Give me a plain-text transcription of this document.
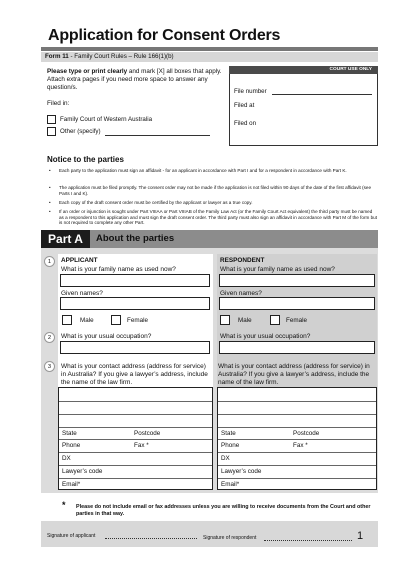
Application for Consent Orders
Form 11 - Family Court Rules – Rule 166(1)(b)
Please type or print clearly and mark [X] all boxes that apply. Attach extra pages if you need more space to answer any question/s.
Filed in:
Family Court of Western Australia
Other (specify)
COURT USE ONLY
File number
Filed at
Filed on
Notice to the parties
• Each party to the application must sign an affidavit - for an applicant in accordance with Part I and for a respondent in accordance with Part K.
• The application must be filed promptly. The consent order may not be made if the application is not filed within 90 days of the date of the first affidavit (see Parts I and K).
• Each copy of the draft consent order must be certified by the applicant or lawyer as a true copy.
• If an order or injunction is sought under Part VIIIAA or Part VIIIAB of the Family Law Act (or the Family Court Act equivalent) the third party must be named as a respondent to this application and must sign the draft consent order. The third party must also sign an affidavit in accordance with Part M of the form but is not required to complete any other Part.
Part A	About the parties
1
2
3
APPLICANT
What is your family name as used now?
Given names?
Male	Female
What is your usual occupation?
What is your contact address (address for service) in Australia? If you give a lawyer’s address, include the name of the law firm.
State	Postcode
Phone	Fax *
DX
Lawyer’s code
Email*
RESPONDENT
What is your family name as used now?
Given names?
Male	Female
What is your usual occupation?
What is your contact address (address for service) in Australia? If you give a lawyer’s address, include the name of the law firm.
State	Postcode
Phone	Fax *
DX
Lawyer’s code
Email*
* Please do not include email or fax addresses unless you are willing to receive documents from the Court and other parties in that way.
Signature of applicant	Signature of respondent	1
